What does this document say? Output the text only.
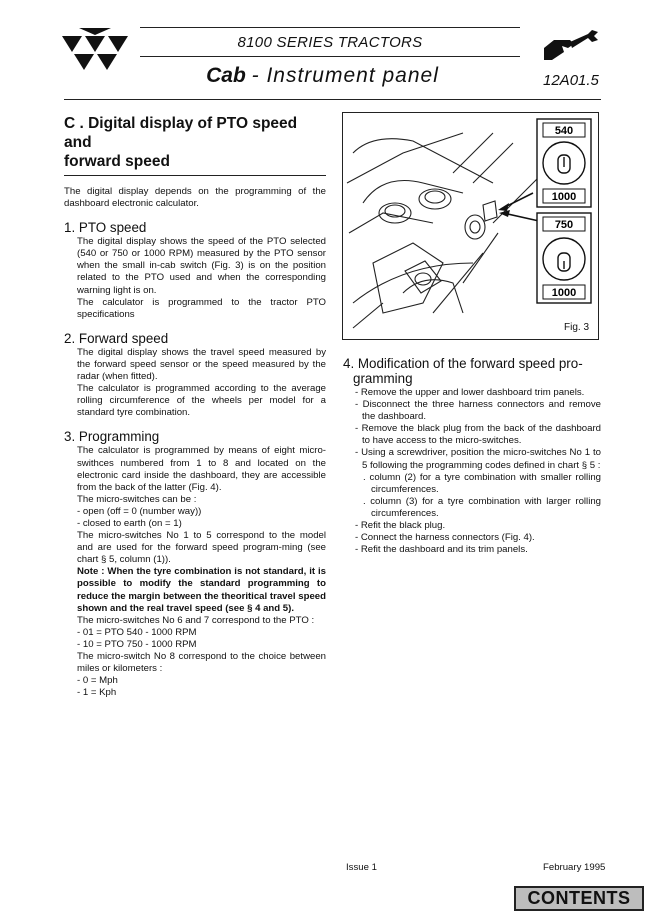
8100 SERIES TRACTORS
Cab - Instrument panel	12A01.5
C . Digital display of PTO speed and
forward speed
The digital display depends on the programming of the dashboard electronic calculator.
1. PTO speed
The digital display shows the speed of the PTO selected (540 or 750 or 1000 RPM) measured by the PTO sensor when the small in-cab switch (Fig. 3) is on the position related to the PTO used and when the corresponding warning light is on.
The calculator is programmed to the tractor PTO specifications
2. Forward speed
The digital display shows the travel speed measured by the forward speed sensor or the speed measured by the radar (when fitted).
The calculator is programmed according to the average rolling circumference of the wheels per model for a standard tyre combination.
3. Programming
The calculator is programmed by means of eight micro-swithces numbered from 1 to 8 and located on the electronic card inside the dashboard, they are accessible from the back of the latter (Fig. 4).
The micro-switches can be :
- open (off = 0 (number way))
- closed to earth (on = 1)
The micro-switches No 1 to 5 correspond to the model and are used for the forward speed program-ming (see chart § 5, column (1)).
Note : When the tyre combination is not standard, it is possible to modify the standard programming to reduce the margin between the theoritical travel speed shown and the real travel speed (see § 4 and 5).
The micro-switches No 6 and 7 correspond to the PTO :
- 01 = PTO 540 - 1000 RPM
- 10 = PTO 750 - 1000 RPM
The micro-switch No 8 correspond to the choice between miles or kilometers :
- 0 = Mph
- 1 = Kph
540
1000
750
1000
Fig. 3
4. Modification of the forward speed pro-
gramming
- Remove the upper and lower dashboard trim panels.
- Disconnect the three harness connectors and remove the dashboard.
- Remove the black plug from the back of the dashboard to have access to the micro-switches.
- Using a screwdriver, position the micro-switches No 1 to 5 following the programming codes defined in chart § 5 :
. column (2) for a tyre combination with smaller rolling circumferences.
. column (3) for a tyre combination with larger rolling circumferences.
- Refit the black plug.
- Connect the harness connectors (Fig. 4).
- Refit the dashboard and its trim panels.
Issue 1	February 1995
CONTENTS
